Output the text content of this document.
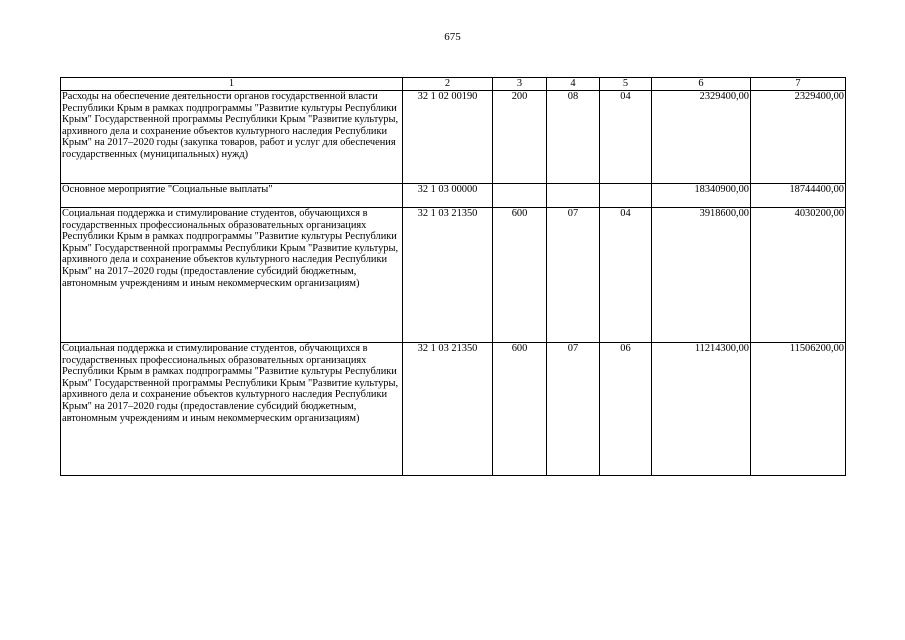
675
1	2	3	4	5	6	7
Расходы на обеспечение деятельности органов государственной власти Республики Крым в рамках подпрограммы "Развитие культуры Республики Крым" Государственной программы Республики Крым "Развитие культуры, архивного дела и сохранение объектов культурного наследия Республики Крым" на 2017–2020 годы (закупка товаров, работ и услуг для обеспечения государственных (муниципальных) нужд)	32 1 02 00190	200	08	04	2329400,00	2329400,00
Основное мероприятие "Социальные выплаты"	32 1 03 00000				18340900,00	18744400,00
Социальная поддержка и стимулирование студентов, обучающихся в государственных профессиональных образовательных организациях Республики Крым в рамках подпрограммы "Развитие культуры Республики Крым" Государственной программы Республики Крым "Развитие культуры, архивного дела и сохранение объектов культурного наследия Республики Крым" на 2017–2020 годы (предоставление субсидий бюджетным, автономным учреждениям и иным некоммерческим организациям)	32 1 03 21350	600	07	04	3918600,00	4030200,00
Социальная поддержка и стимулирование студентов, обучающихся в государственных профессиональных образовательных организациях Республики Крым в рамках подпрограммы "Развитие культуры Республики Крым" Государственной программы Республики Крым "Развитие культуры, архивного дела и сохранение объектов культурного наследия Республики Крым" на 2017–2020 годы (предоставление субсидий бюджетным, автономным учреждениям и иным некоммерческим организациям)	32 1 03 21350	600	07	06	11214300,00	11506200,00
